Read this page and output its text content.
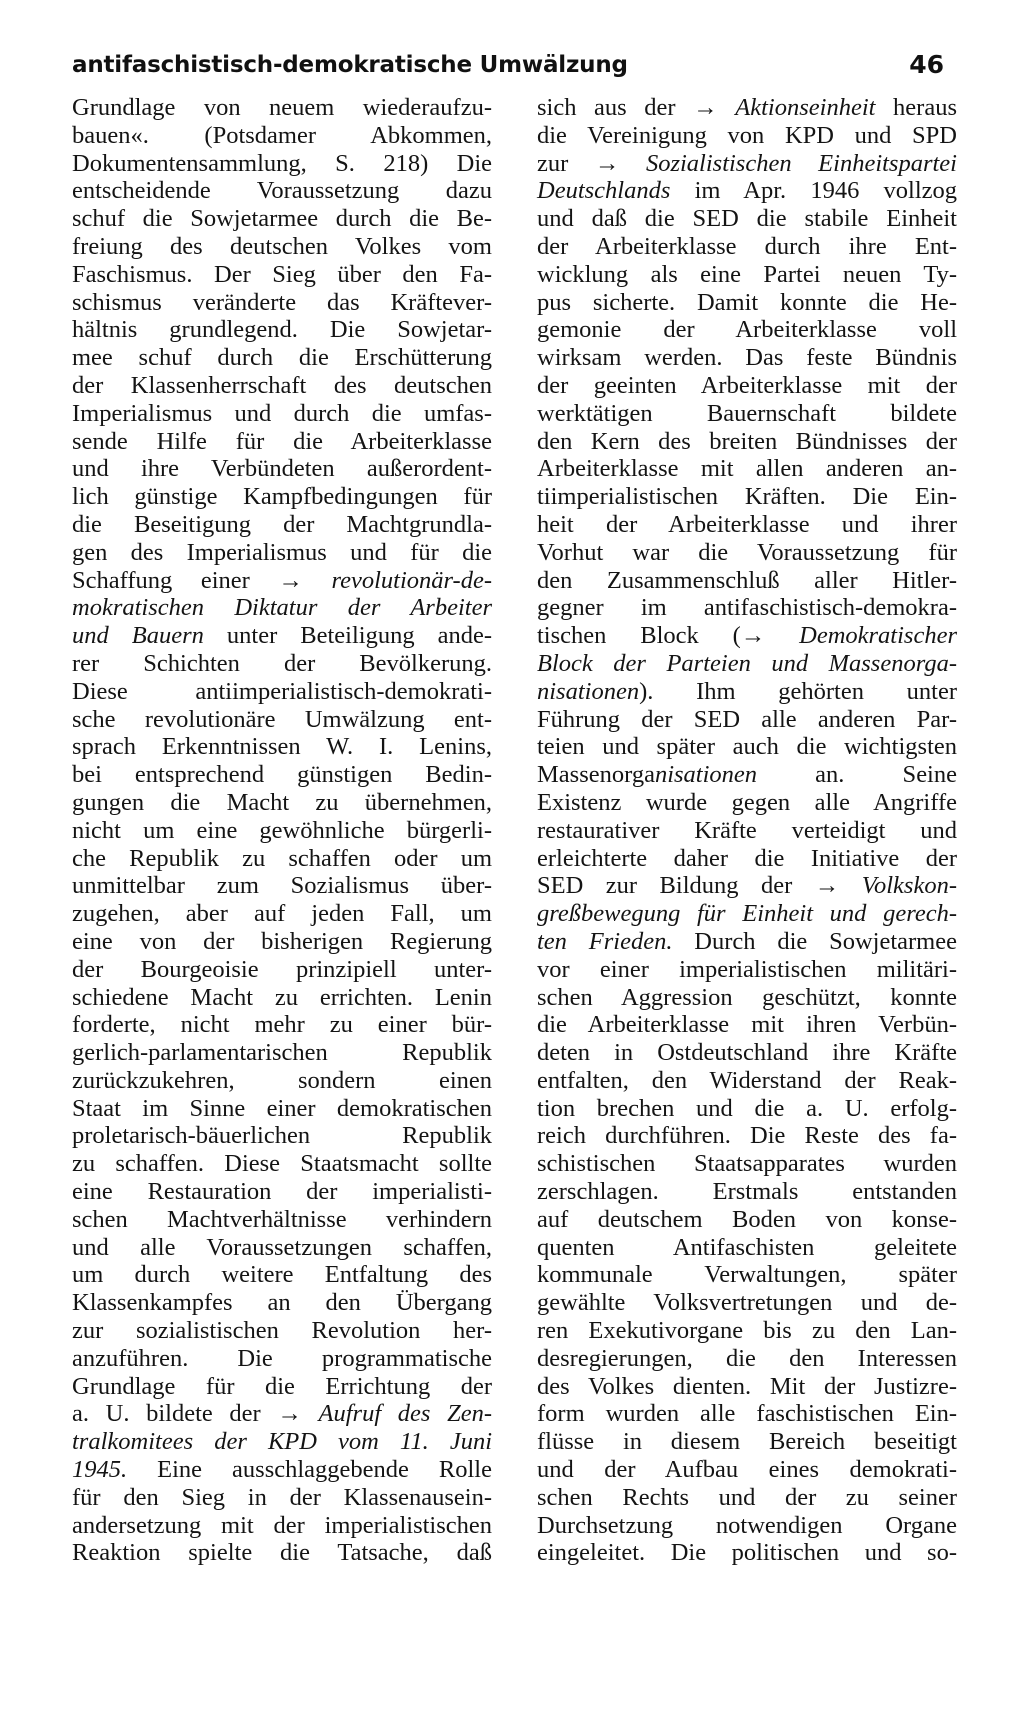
antifaschistisch-demokratische Umwälzung	46
Grundlage von neuem wiederaufzu-
bauen«. (Potsdamer Abkommen,
Dokumentensammlung, S. 218) Die
entscheidende Voraussetzung dazu
schuf die Sowjetarmee durch die Be-
freiung des deutschen Volkes vom
Faschismus. Der Sieg über den Fa-
schismus veränderte das Kräftever-
hältnis grundlegend. Die Sowjetar-
mee schuf durch die Erschütterung
der Klassenherrschaft des deutschen
Imperialismus und durch die umfas-
sende Hilfe für die Arbeiterklasse
und ihre Verbündeten außerordent-
lich günstige Kampfbedingungen für
die Beseitigung der Machtgrundla-
gen des Imperialismus und für die
Schaffung einer → revolutionär-de-
mokratischen Diktatur der Arbeiter
und Bauern unter Beteiligung ande-
rer Schichten der Bevölkerung.
Diese antiimperialistisch-demokrati-
sche revolutionäre Umwälzung ent-
sprach Erkenntnissen W. I. Lenins,
bei entsprechend günstigen Bedin-
gungen die Macht zu übernehmen,
nicht um eine gewöhnliche bürgerli-
che Republik zu schaffen oder um
unmittelbar zum Sozialismus über-
zugehen, aber auf jeden Fall, um
eine von der bisherigen Regierung
der Bourgeoisie prinzipiell unter-
schiedene Macht zu errichten. Lenin
forderte, nicht mehr zu einer bür-
gerlich-parlamentarischen Republik
zurückzukehren, sondern einen
Staat im Sinne einer demokratischen
proletarisch-bäuerlichen Republik
zu schaffen. Diese Staatsmacht sollte
eine Restauration der imperialisti-
schen Machtverhältnisse verhindern
und alle Voraussetzungen schaffen,
um durch weitere Entfaltung des
Klassenkampfes an den Übergang
zur sozialistischen Revolution her-
anzuführen. Die programmatische
Grundlage für die Errichtung der
a. U. bildete der → Aufruf des Zen-
tralkomitees der KPD vom 11. Juni
1945. Eine ausschlaggebende Rolle
für den Sieg in der Klassenausein-
andersetzung mit der imperialistischen
Reaktion spielte die Tatsache, daß
sich aus der → Aktionseinheit heraus
die Vereinigung von KPD und SPD
zur → Sozialistischen Einheitspartei
Deutschlands im Apr. 1946 vollzog
und daß die SED die stabile Einheit
der Arbeiterklasse durch ihre Ent-
wicklung als eine Partei neuen Ty-
pus sicherte. Damit konnte die He-
gemonie der Arbeiterklasse voll
wirksam werden. Das feste Bündnis
der geeinten Arbeiterklasse mit der
werktätigen Bauernschaft bildete
den Kern des breiten Bündnisses der
Arbeiterklasse mit allen anderen an-
tiimperialistischen Kräften. Die Ein-
heit der Arbeiterklasse und ihrer
Vorhut war die Voraussetzung für
den Zusammenschluß aller Hitler-
gegner im antifaschistisch-demokra-
tischen Block (→ Demokratischer
Block der Parteien und Massenorga-
nisationen). Ihm gehörten unter
Führung der SED alle anderen Par-
teien und später auch die wichtigsten
Massenorganisationen an. Seine
Existenz wurde gegen alle Angriffe
restaurativer Kräfte verteidigt und
erleichterte daher die Initiative der
SED zur Bildung der → Volkskon-
greßbewegung für Einheit und gerech-
ten Frieden. Durch die Sowjetarmee
vor einer imperialistischen militäri-
schen Aggression geschützt, konnte
die Arbeiterklasse mit ihren Verbün-
deten in Ostdeutschland ihre Kräfte
entfalten, den Widerstand der Reak-
tion brechen und die a. U. erfolg-
reich durchführen. Die Reste des fa-
schistischen Staatsapparates wurden
zerschlagen. Erstmals entstanden
auf deutschem Boden von konse-
quenten Antifaschisten geleitete
kommunale Verwaltungen, später
gewählte Volksvertretungen und de-
ren Exekutivorgane bis zu den Lan-
desregierungen, die den Interessen
des Volkes dienten. Mit der Justizre-
form wurden alle faschistischen Ein-
flüsse in diesem Bereich beseitigt
und der Aufbau eines demokrati-
schen Rechts und der zu seiner
Durchsetzung notwendigen Organe
eingeleitet. Die politischen und so-
